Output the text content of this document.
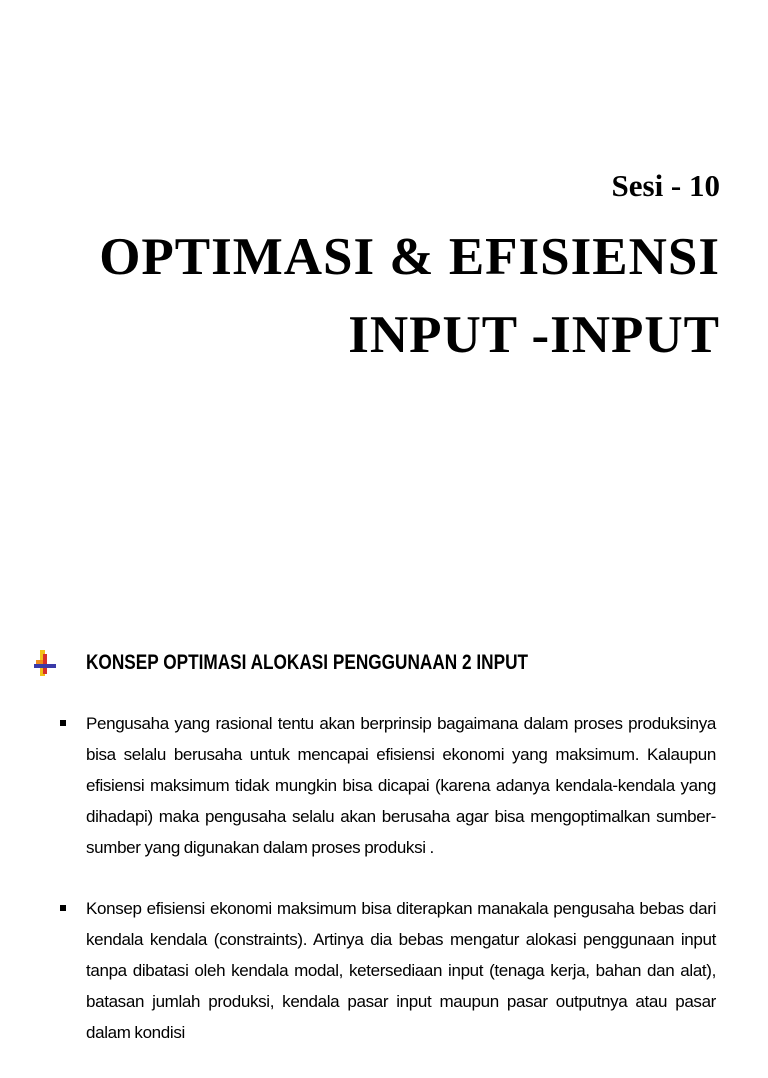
Sesi - 10

OPTIMASI & EFISIENSI
INPUT -INPUT
KONSEP OPTIMASI ALOKASI PENGGUNAAN 2 INPUT
Pengusaha yang rasional tentu akan berprinsip bagaimana dalam proses produksinya bisa selalu berusaha untuk mencapai efisiensi ekonomi yang maksimum. Kalaupun efisiensi maksimum tidak mungkin bisa dicapai (karena adanya kendala-kendala yang dihadapi) maka pengusaha selalu akan berusaha agar bisa mengoptimalkan sumber-sumber yang digunakan dalam proses produksi .
Konsep efisiensi ekonomi maksimum bisa diterapkan manakala pengusaha bebas dari kendala kendala (constraints). Artinya dia bebas mengatur alokasi penggunaan input tanpa dibatasi oleh kendala modal, ketersediaan input (tenaga kerja, bahan dan alat), batasan jumlah produksi, kendala pasar input maupun pasar outputnya atau pasar dalam kondisi
